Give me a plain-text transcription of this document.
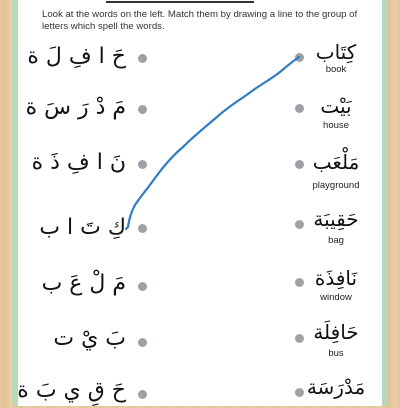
Look at the words on the left. Match them by drawing a line to the group of letters which spell the words.
حَ ا فِ لَ ة
مَ دْ رَ سَ ة
نَ ا فِ ذَ ة
كِ تَ ا ب
مَ لْ عَ ب
بَ يْ ت
حَ قِ ي بَ ة
كِتَاب
book
بَيْت
house
مَلْعَب
playground
حَقِيبَة
bag
نَافِذَة
window
حَافِلَة
bus
مَدْرَسَة
